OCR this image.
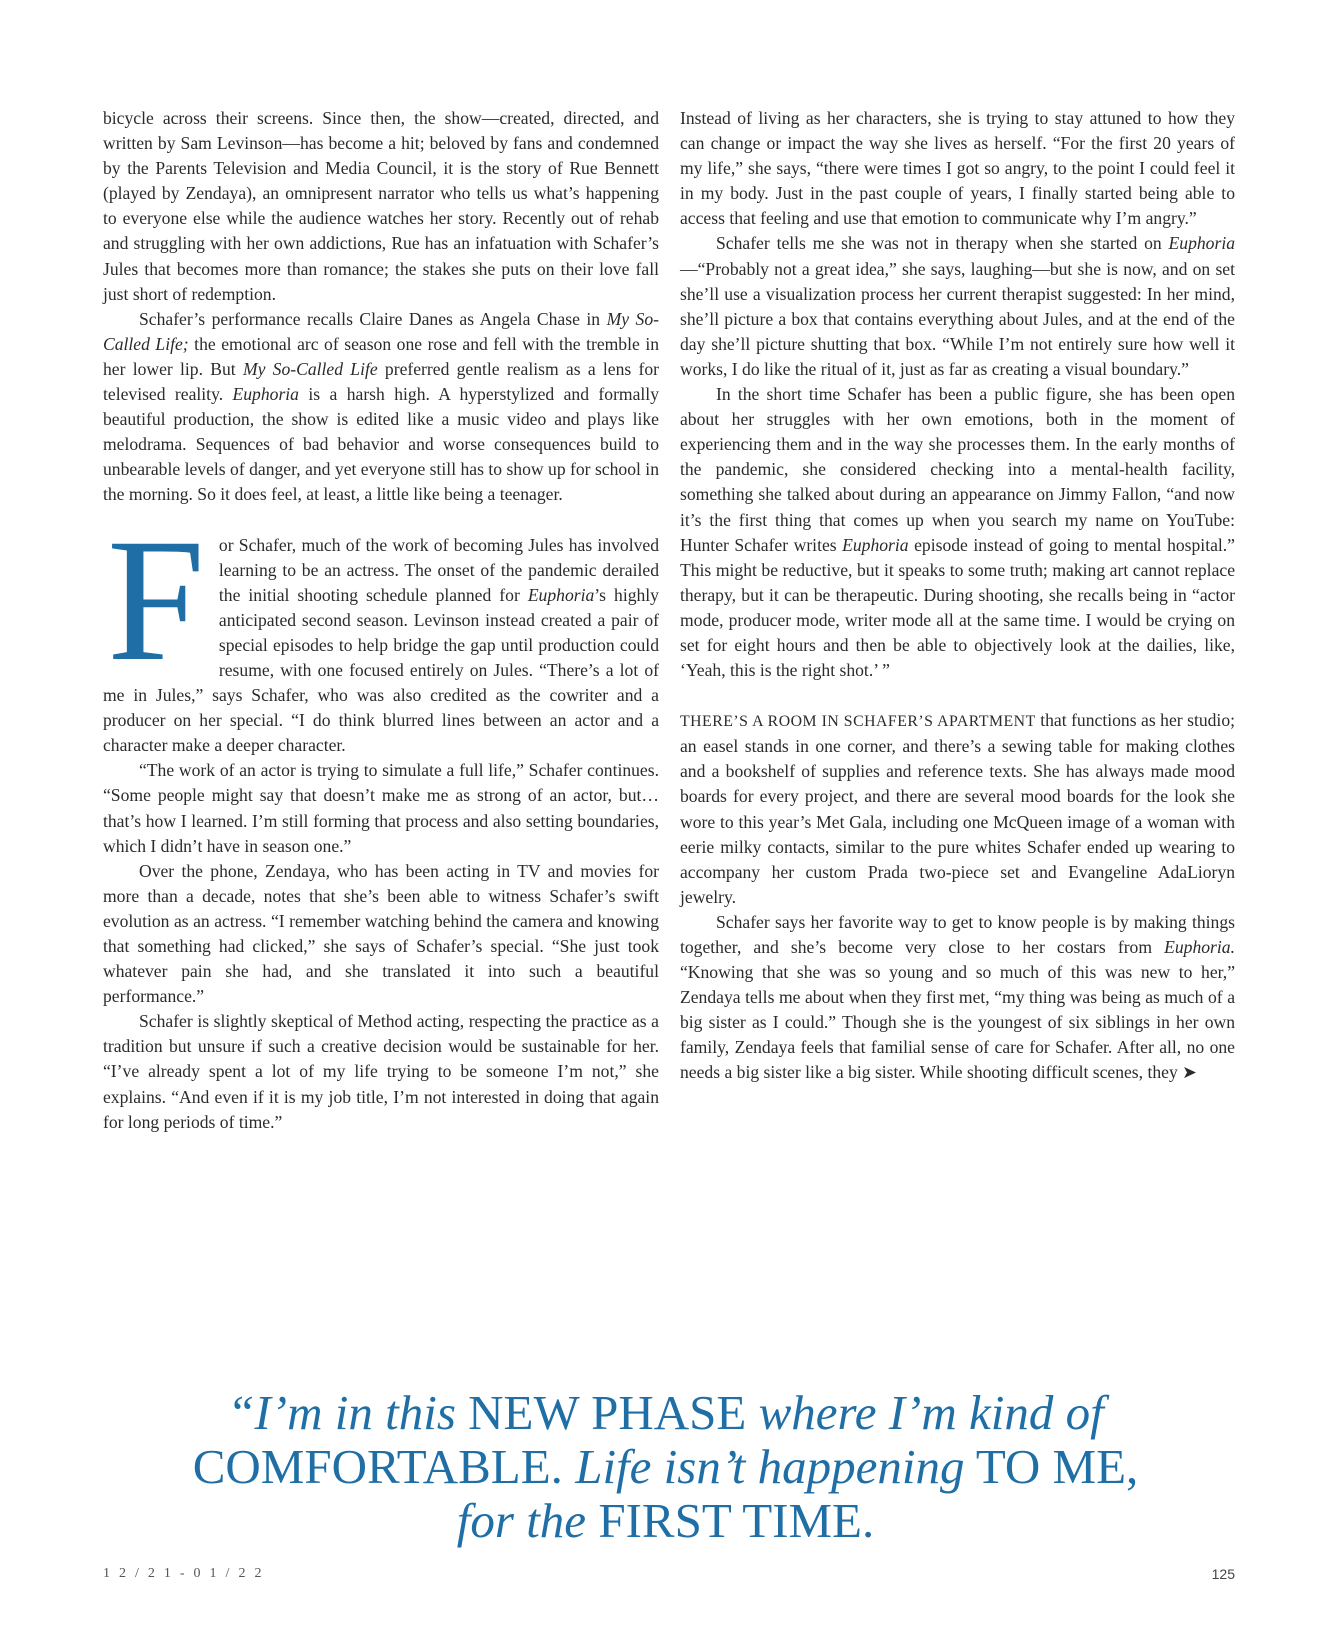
bicycle across their screens. Since then, the show—created, directed, and written by Sam Levinson—has become a hit; beloved by fans and condemned by the Parents Television and Media Council, it is the story of Rue Bennett (played by Zendaya), an omnipresent narrator who tells us what’s happening to everyone else while the audience watches her story. Recently out of rehab and struggling with her own addictions, Rue has an infatuation with Schafer’s Jules that becomes more than romance; the stakes she puts on their love fall just short of redemption.

Schafer’s performance recalls Claire Danes as Angela Chase in My So-Called Life; the emotional arc of season one rose and fell with the tremble in her lower lip. But My So-Called Life preferred gentle realism as a lens for televised reality. Euphoria is a harsh high. A hyperstylized and formally beautiful production, the show is edited like a music video and plays like melodrama. Sequences of bad behavior and worse consequences build to unbearable levels of danger, and yet everyone still has to show up for school in the morning. So it does feel, at least, a little like being a teenager.

For Schafer, much of the work of becoming Jules has involved learning to be an actress. The onset of the pandemic derailed the initial shooting schedule planned for Euphoria’s highly anticipated second season. Levinson instead created a pair of special episodes to help bridge the gap until production could resume, with one focused entirely on Jules. “There’s a lot of me in Jules,” says Schafer, who was also credited as the cowriter and a producer on her special. “I do think blurred lines between an actor and a character make a deeper character.

“The work of an actor is trying to simulate a full life,” Schafer continues. “Some people might say that doesn’t make me as strong of an actor, but…that’s how I learned. I’m still forming that process and also setting boundaries, which I didn’t have in season one.”

Over the phone, Zendaya, who has been acting in TV and movies for more than a decade, notes that she’s been able to witness Schafer’s swift evolution as an actress. “I remember watching behind the camera and knowing that something had clicked,” she says of Schafer’s special. “She just took whatever pain she had, and she translated it into such a beautiful performance.”

Schafer is slightly skeptical of Method acting, respecting the practice as a tradition but unsure if such a creative decision would be sustainable for her. “I’ve already spent a lot of my life trying to be someone I’m not,” she explains. “And even if it is my job title, I’m not interested in doing that again for long periods of time.”

Instead of living as her characters, she is trying to stay attuned to how they can change or impact the way she lives as herself. “For the first 20 years of my life,” she says, “there were times I got so angry, to the point I could feel it in my body. Just in the past couple of years, I finally started being able to access that feeling and use that emotion to communicate why I’m angry.”

Schafer tells me she was not in therapy when she started on Euphoria—“Probably not a great idea,” she says, laughing—but she is now, and on set she’ll use a visualization process her current therapist suggested: In her mind, she’ll picture a box that contains everything about Jules, and at the end of the day she’ll picture shutting that box. “While I’m not entirely sure how well it works, I do like the ritual of it, just as far as creating a visual boundary.”

In the short time Schafer has been a public figure, she has been open about her struggles with her own emotions, both in the moment of experiencing them and in the way she processes them. In the early months of the pandemic, she considered checking into a mental-health facility, something she talked about during an appearance on Jimmy Fallon, “and now it’s the first thing that comes up when you search my name on YouTube: Hunter Schafer writes Euphoria episode instead of going to mental hospital.” This might be reductive, but it speaks to some truth; making art cannot replace therapy, but it can be therapeutic. During shooting, she recalls being in “actor mode, producer mode, writer mode all at the same time. I would be crying on set for eight hours and then be able to objectively look at the dailies, like, ‘Yeah, this is the right shot.’ ”

THERE’S A ROOM IN SCHAFER’S APARTMENT that functions as her studio; an easel stands in one corner, and there’s a sewing table for making clothes and a bookshelf of supplies and reference texts. She has always made mood boards for every project, and there are several mood boards for the look she wore to this year’s Met Gala, including one McQueen image of a woman with eerie milky contacts, similar to the pure whites Schafer ended up wearing to accompany her custom Prada two-piece set and Evangeline AdaLioryn jewelry.

Schafer says her favorite way to get to know people is by making things together, and she’s become very close to her costars from Euphoria. “Knowing that she was so young and so much of this was new to her,” Zendaya tells me about when they first met, “my thing was being as much of a big sister as I could.” Though she is the youngest of six siblings in her own family, Zendaya feels that familial sense of care for Schafer. After all, no one needs a big sister like a big sister. While shooting difficult scenes, they ➤

“I’m in this NEW PHASE where I’m kind of
COMFORTABLE. Life isn’t happening TO ME,
for the FIRST TIME.
12/21-01/22	125
